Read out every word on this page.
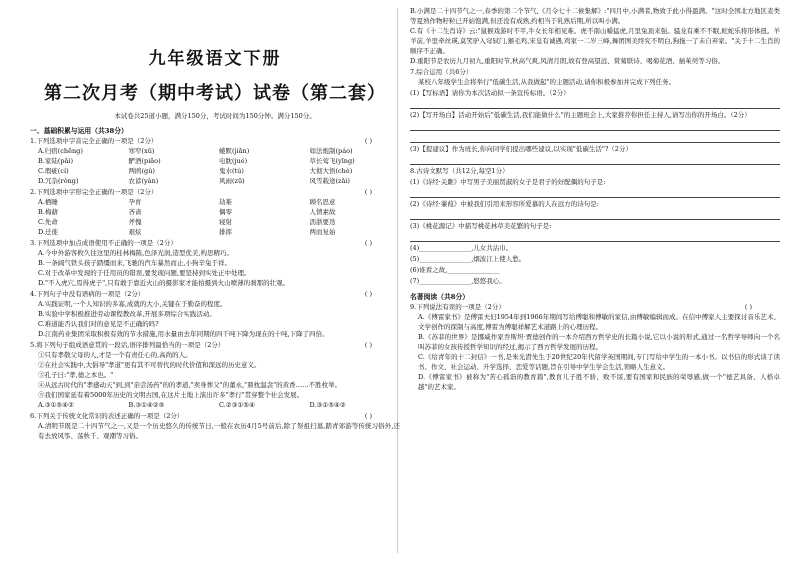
九年级语文下册
第二次月考（期中考试）试卷（第二套）
本试卷共25道小题，满分150分，考试时间为150分钟。满分150分。
一、基础积累与运用（共38分）
1.下列选项中字音完全正确的一项是（2分）	( )
A.归宿(chēng)	寒窄(xū)	蜷默(jiǎn)	如法炮制(páo)
B.家陆(pǎi)	酽酒(piǎo)	电眈(jué)	草长莺飞(yīng)
C.瑕疵(cí)	两鸥(gǔ)	鬼水(tú)	大彻大悟(chè)
D.冗杂(rǒng)	农谚(yàn)	风雨(zū)	风雪载途(zǎi)
2.下列选项中字形完全正确的一项是（2分）	( )
A.栖睡	孕育	劫难	顾名思意
B.梅藉	吝啬	偶零	人情素故
C.先命	斧愧	寝射	沥浙要迭
D.迁徙	艰炫	排挥	两而复始
3.下列选项中加点成语使用不正确的一项是（2分）	( )
A.今中外游客攸久往这里的桂林梅陈,色泽光润,造型优美,构思精巧。
B.一条阔气铁头孩子踏缰而来,飞驰的汽车暴然而止,小狗辛兔于祥。
C.对于改革中发现的于任用员的错误,要发现问题,要坚持到实处正中处理。
D."不入虎穴,焉得虎子",只有敢于靠近火山的摄影家才能拍摄到火山喷薄的刹那的壮观。
4.下列句子中没有语病的一项是（2分）	( )
A.实践证明,一个人知识的多寡,成就的大小,关键在于勤奋的程度。
B.实验中学积极推进劳动课程教改革,开展多项综合实践活动。
C.难道能否认我们对的意见是不正确的吗?
D.江南药业集团采取积极有效的节水措施,用水量由去年同期的四千吨下降为现在的十吨,下降了四倍。
5.将下列句子组成语意贯的一段话,语序排列最恰当的一项是（2分）	( )
①只有孝敬父母的人,才是一个有责任心的,高尚的人。
②在社会实践中,大倡导"孝道"更有其不可替代的时代价值和深远的历史意义。
③孔子曰:"孝,德之本也。"
④从远古时代的"孝感动天"到,到"亲尝汤药"的的孝道,"卖身葬父"的董永,"鼎枕温衾"的黄香……不胜枚举。
⑤我们国家延有着5000年历史的文明古国,在这片土地上演出许多"孝行"贯穿整个社会发展。
A.③①⑤④②	B.③①④②⑤	C.②③①⑤④	D.③①⑤④②
6.下列关于传统文化常识的表述正确的一项是（2分）	( )
A.清明节既是二十四节气之一,又是一个历史悠久的传统节日,一般在农历4月5号前后,除了祭祖扫墓,踏青郊游等传统习俗外,还有去放风筝、荡秋千、观潮等习俗。
B.小满是二十四节气之一,春季的第二个节气,《月令七十二候集解》:"四月中,小满者,物致于此小得盈满。"这时全国北方地区麦类等夏熟作物籽粒已开始饱满,但还没有成熟,约相当于乳熟后期,所以叫小满。
C.有《十二生肖诗》云:"鼠猴戏游时不平,牛女长年相见难。虎不南山嚼猛虎,月里兔顶来强。骚龙有乘不不眠,蛇蛇乐将形体扭。羊羊前,羊里牵丝瑛,莫笑驴入穹轼门,猴毛鸡,宋皇有诚遇,鸡家一二岁三峰,舞团图美终究不明白,狗拖一了未自弃家。"关于十二生肖的顺序不正确。
D.重阳节是农历九月初九,重阳时节,秋高气爽,风清月朗,故有登高望远、赏菊联诗、喝菊花酒、插茱萸等习俗。
7.综合运用（共6分）
某校八年级学生会将举行"低碳生活,从我做起"的主题活动,请你积极参加并完成下列任务。
(1)【写标语】请你为本次活动拟一条宣传标语。（2分）
(2)【写开场白】活动开始后"低碳生活,我们能做什么"的主题班会上,大家推荐你担任主持人,请写出你的开场白。（2分）
(3)【提建议】作为班长,你向同学们提出哪些建议,以实现"低碳生活"?（2分）
8.古诗文默写（共12分,每空1分）
(1)《诗经·关雎》中写男子美丽贤淑的女子是君子的好配偶的句子是:
(2)《诗经·蒹葭》中被我们引用来形容所爱慕的人在远方的诗句是:
(3)《桃花源记》中描写桃花林草美花繁的句子是:
(4)________________,儿女共沾巾。
(5)________________,烟波江上使人愁。
(6)谁看之故,________________
(7)________________,悠悠我心。
名著阅读（共8分）
9.下列说法有误的一项是（2分）	( )
A.《傅雷家书》是傅雷夫妇1954年到1966年期间写给傅聪和傅敏的家信,由傅敏编辑而成。在信中傅家人主要探讨音乐艺术、文学创作的探制与高度,傅雷为傅聪祥解艺术道路上的心理历程。
B.《苏菲的世界》是挪威作家乔斯坦·贾德创作的一本介绍西方哲学史的长篇小说,它以小说的形式,通过一名哲学导师向一个名叫苏菲的女孩传授哲学知识的经过,揭示了西方哲学发展的历程。
C.《给青年的十二封信》一书,是朱光潜先生于20世纪20年代留学英国期间,专门写给中学生的一本小书。以书信的形式谈了读书、作文、社会运动、升学选择、恋爱等话题,旨在引导中学生学会生活,领略人生意义。
D.《傅雷家书》被称为"苦心孤诣的教育篇",教育儿子胜不骄、败不馁,要有国家和民族的荣辱感,做一个"德艺具备、人格卓越"的艺术家。
